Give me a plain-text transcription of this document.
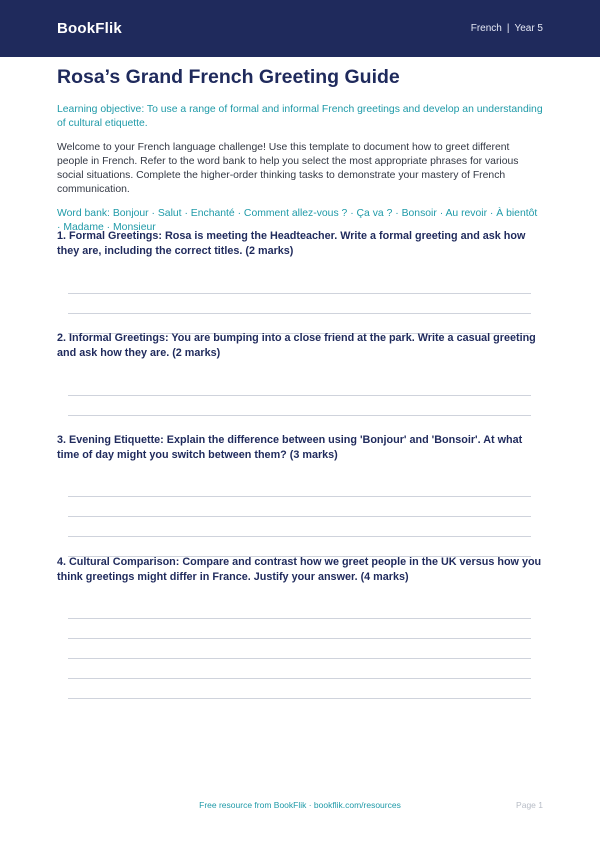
BookFlik	French | Year 5
Rosa’s Grand French Greeting Guide

Learning objective: To use a range of formal and informal French greetings and develop an understanding of cultural etiquette.

Welcome to your French language challenge! Use this template to document how to greet different people in French. Refer to the word bank to help you select the most appropriate phrases for various social situations. Complete the higher-order thinking tasks to demonstrate your mastery of French communication.

Word bank: Bonjour · Salut · Enchanté · Comment allez-vous ? · Ça va ? · Bonsoir · Au revoir · À bientôt · Madame · Monsieur

1. Formal Greetings: Rosa is meeting the Headteacher. Write a formal greeting and ask how they are, including the correct titles. (2 marks)

2. Informal Greetings: You are bumping into a close friend at the park. Write a casual greeting and ask how they are. (2 marks)

3. Evening Etiquette: Explain the difference between using 'Bonjour' and 'Bonsoir'. At what time of day might you switch between them? (3 marks)

4. Cultural Comparison: Compare and contrast how we greet people in the UK versus how you think greetings might differ in France. Justify your answer. (4 marks)

Free resource from BookFlik · bookflik.com/resources	Page 1
